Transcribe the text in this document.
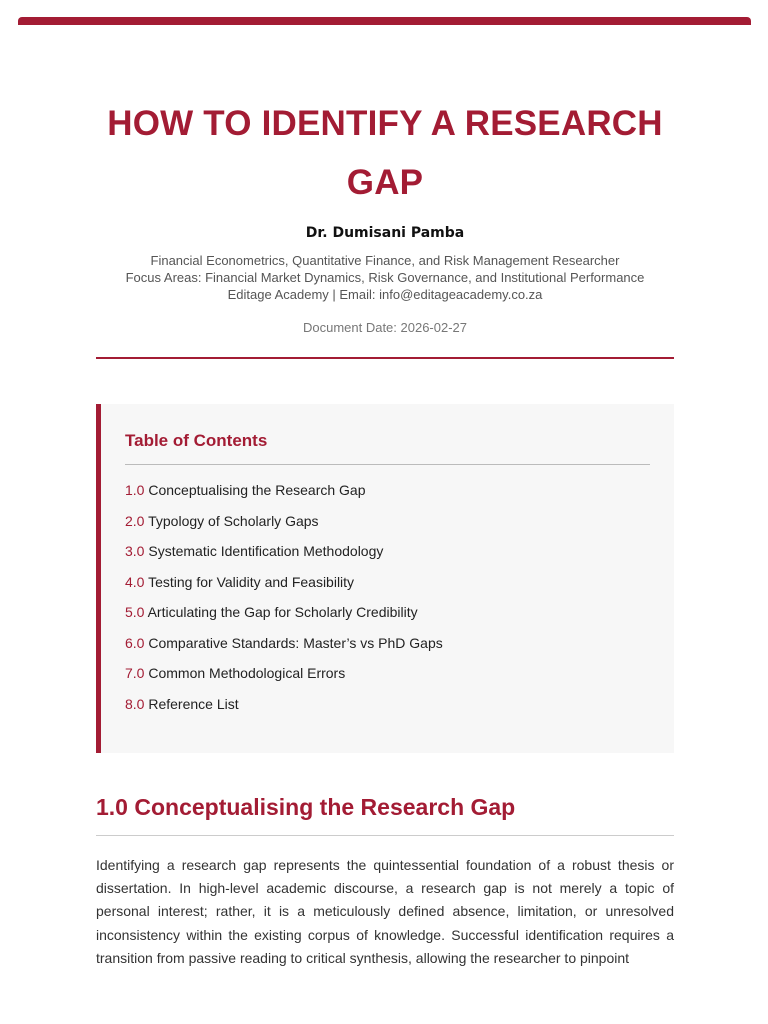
HOW TO IDENTIFY A RESEARCH GAP
Dr. Dumisani Pamba
Financial Econometrics, Quantitative Finance, and Risk Management Researcher
Focus Areas: Financial Market Dynamics, Risk Governance, and Institutional Performance
Editage Academy | Email: info@editageacademy.co.za
Document Date: 2026-02-27
Table of Contents
1.0 Conceptualising the Research Gap
2.0 Typology of Scholarly Gaps
3.0 Systematic Identification Methodology
4.0 Testing for Validity and Feasibility
5.0 Articulating the Gap for Scholarly Credibility
6.0 Comparative Standards: Master’s vs PhD Gaps
7.0 Common Methodological Errors
8.0 Reference List
1.0 Conceptualising the Research Gap

Identifying a research gap represents the quintessential foundation of a robust thesis or dissertation. In high-level academic discourse, a research gap is not merely a topic of personal interest; rather, it is a meticulously defined absence, limitation, or unresolved inconsistency within the existing corpus of knowledge. Successful identification requires a transition from passive reading to critical synthesis, allowing the researcher to pinpoint
